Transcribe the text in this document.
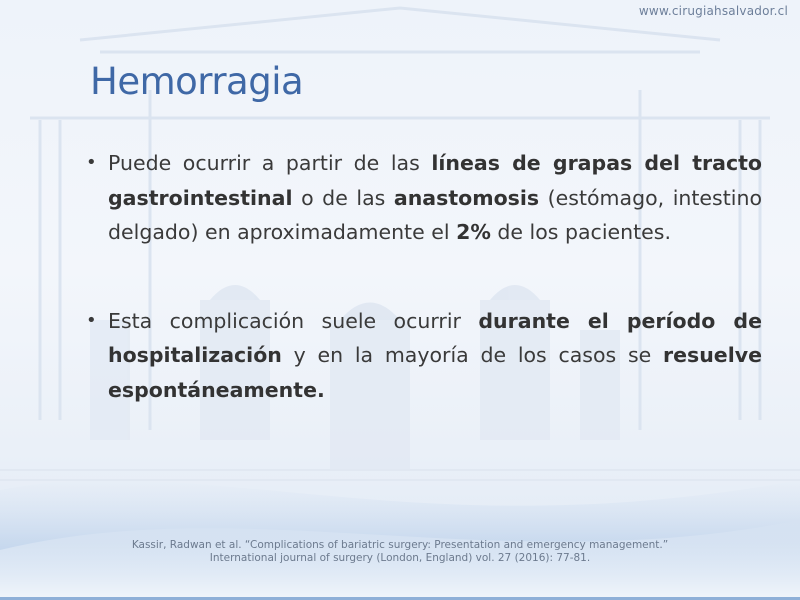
www.cirugiahsalvador.cl
Hemorragia
• Puede ocurrir a partir de las líneas de grapas del tracto gastrointestinal o de las anastomosis (estómago, intestino delgado) en aproximadamente el 2% de los pacientes.
• Esta complicación suele ocurrir durante el período de hospitalización y en la mayoría de los casos se resuelve espontáneamente.
Kassir, Radwan et al. “Complications of bariatric surgery: Presentation and emergency management.”
International journal of surgery (London, England) vol. 27 (2016): 77-81.
